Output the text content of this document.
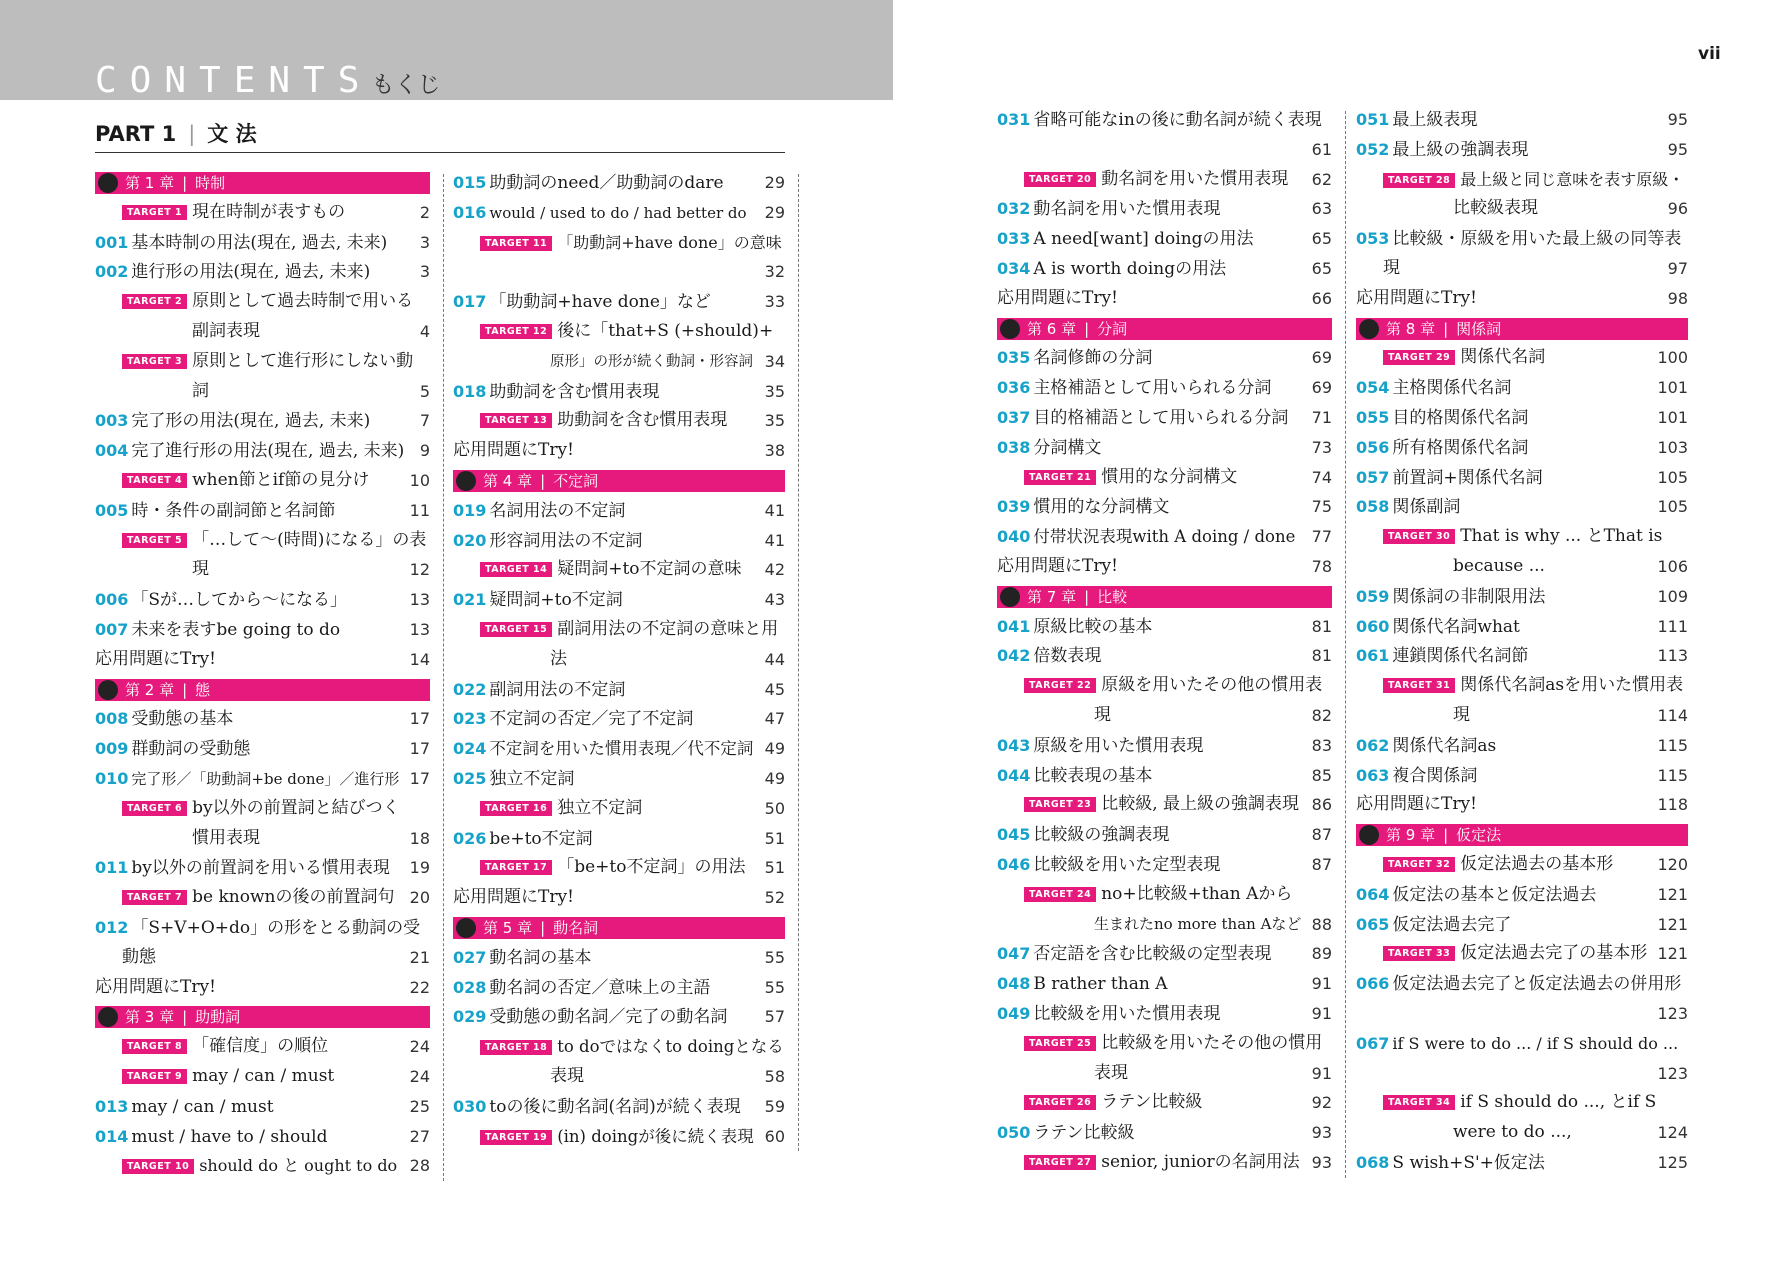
CONTENTS もくじ
vii
PART 1 | 文 法
第 1 章 | 時制
TARGET 1 現在時制が表すもの	2
001 基本時制の用法(現在, 過去, 未来) 3
002 進行形の用法(現在, 過去, 未来)	3
TARGET 2 原則として過去時制で用いる
副詞表現	4
TARGET 3 原則として進行形にしない動
詞	5
003 完了形の用法(現在, 過去, 未来)	7
004 完了進行形の用法(現在, 過去, 未来) 9
TARGET 4 when節とif節の見分け	10
005 時・条件の副詞節と名詞節	11
TARGET 5 「…して〜(時間)になる」の表
現	12
006 「Sが…してから〜になる」	13
007 未来を表すbe going to do	13
応用問題にTry!	14
第 2 章 | 態
008 受動態の基本	17
009 群動詞の受動態	17
010 完了形／「助動詞+be done」／進行形 17
TARGET 6 by以外の前置詞と結びつく
慣用表現	18
011 by以外の前置詞を用いる慣用表現 19
TARGET 7 be knownの後の前置詞句 20
012 「S+V+O+do」の形をとる動詞の受
動態	21
応用問題にTry!	22
第 3 章 | 助動詞
TARGET 8 「確信度」の順位	24
TARGET 9 may / can / must	24
013 may / can / must	25
014 must / have to / should	27
TARGET 10 should do と ought to do 28
015 助動詞のneed／助動詞のdare	29
016 would / used to do / had better do 29
TARGET 11 「助動詞+have done」の意味
32
017 「助動詞+have done」など	33
TARGET 12 後に「that+S (+should)+
原形」の形が続く動詞・形容詞 34
018 助動詞を含む慣用表現	35
TARGET 13 助動詞を含む慣用表現 35
応用問題にTry!	38
第 4 章 | 不定詞
019 名詞用法の不定詞	41
020 形容詞用法の不定詞	41
TARGET 14 疑問詞+to不定詞の意味 42
021 疑問詞+to不定詞	43
TARGET 15 副詞用法の不定詞の意味と用
法	44
022 副詞用法の不定詞	45
023 不定詞の否定／完了不定詞	47
024 不定詞を用いた慣用表現／代不定詞 49
025 独立不定詞	49
TARGET 16 独立不定詞	50
026 be+to不定詞	51
TARGET 17 「be+to不定詞」の用法 51
応用問題にTry!	52
第 5 章 | 動名詞
027 動名詞の基本	55
028 動名詞の否定／意味上の主語	55
029 受動態の動名詞／完了の動名詞 57
TARGET 18 to doではなくto doingとなる
表現	58
030 toの後に動名詞(名詞)が続く表現 59
TARGET 19 (in) doingが後に続く表現 60
031 省略可能なinの後に動名詞が続く表現
61
TARGET 20 動名詞を用いた慣用表現 62
032 動名詞を用いた慣用表現	63
033 A need[want] doingの用法	65
034 A is worth doingの用法	65
応用問題にTry!	66
第 6 章 | 分詞
035 名詞修飾の分詞	69
036 主格補語として用いられる分詞	69
037 目的格補語として用いられる分詞 71
038 分詞構文	73
TARGET 21 慣用的な分詞構文	74
039 慣用的な分詞構文	75
040 付帯状況表現with A doing / done 77
応用問題にTry!	78
第 7 章 | 比較
041 原級比較の基本	81
042 倍数表現	81
TARGET 22 原級を用いたその他の慣用表
現	82
043 原級を用いた慣用表現	83
044 比較表現の基本	85
TARGET 23 比較級, 最上級の強調表現 86
045 比較級の強調表現	87
046 比較級を用いた定型表現	87
TARGET 24 no+比較級+than Aから
生まれたno more than Aなど 88
047 否定語を含む比較級の定型表現	89
048 B rather than A	91
049 比較級を用いた慣用表現	91
TARGET 25 比較級を用いたその他の慣用
表現	91
TARGET 26 ラテン比較級	92
050 ラテン比較級	93
TARGET 27 senior, juniorの名詞用法 93
051 最上級表現	95
052 最上級の強調表現	95
TARGET 28 最上級と同じ意味を表す原級・
比較級表現	96
053 比較級・原級を用いた最上級の同等表
現	97
応用問題にTry!	98
第 8 章 | 関係詞
TARGET 29 関係代名詞	100
054 主格関係代名詞	101
055 目的格関係代名詞	101
056 所有格関係代名詞	103
057 前置詞+関係代名詞	105
058 関係副詞	105
TARGET 30 That is why ... とThat is
because ...	106
059 関係詞の非制限用法	109
060 関係代名詞what	111
061 連鎖関係代名詞節	113
TARGET 31 関係代名詞asを用いた慣用表
現	114
062 関係代名詞as	115
063 複合関係詞	115
応用問題にTry!	118
第 9 章 | 仮定法
TARGET 32 仮定法過去の基本形	120
064 仮定法の基本と仮定法過去	121
065 仮定法過去完了	121
TARGET 33 仮定法過去完了の基本形 121
066 仮定法過去完了と仮定法過去の併用形
123
067 if S were to do ... / if S should do ...
123
TARGET 34 if S should do ..., とif S
were to do ...,	124
068 S wish+S'+仮定法	125
